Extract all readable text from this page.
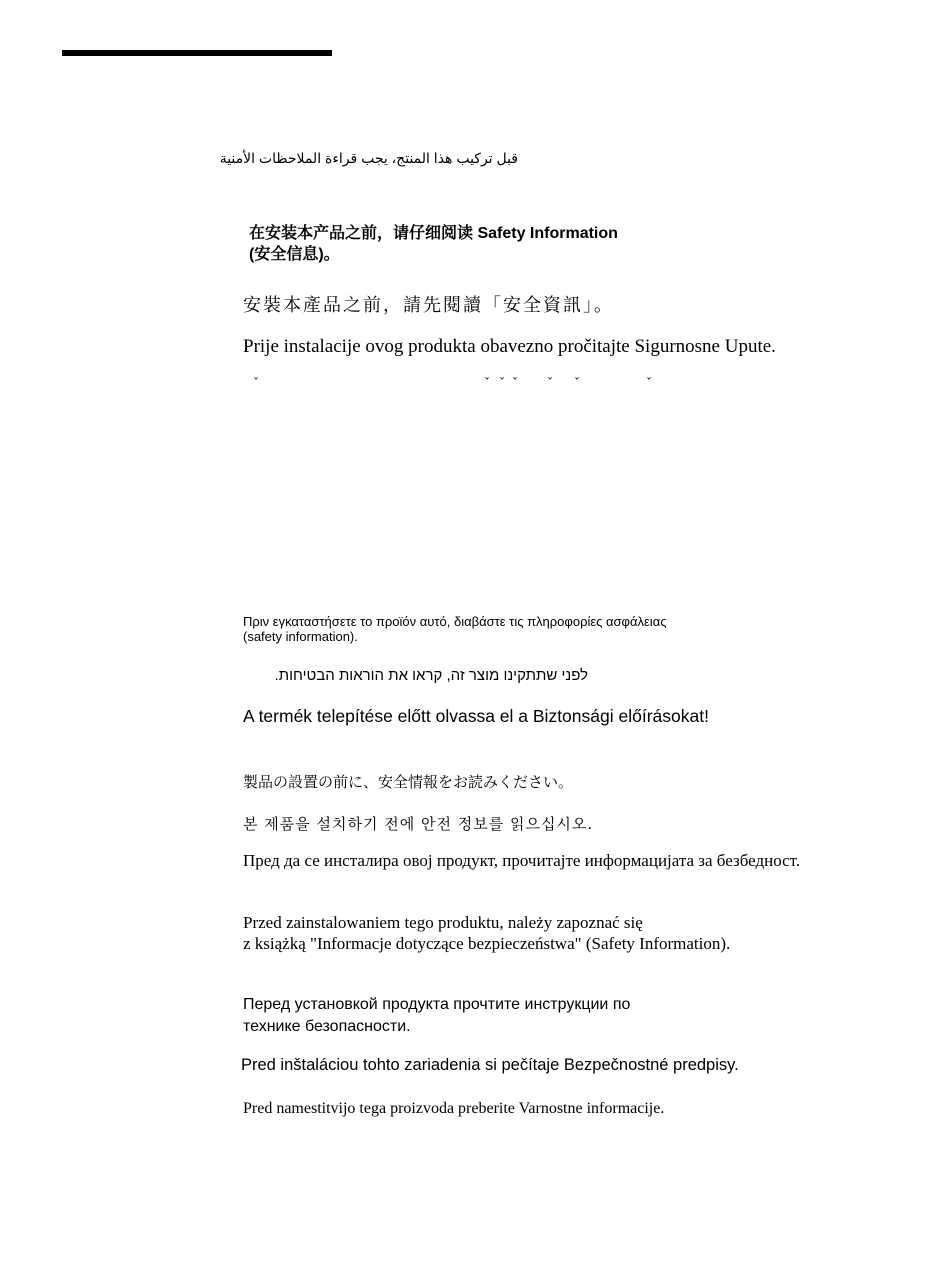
قبل تركيب هذا المنتج، يجب قراءة الملاحظات الأمنية
在安装本产品之前，请仔细阅读 Safety Information
(安全信息)。
安裝本產品之前，請先閱讀「安全資訊」。
Prije instalacije ovog produkta obavezno pročitajte Sigurnosne Upute.
ˇ	ˇ ˇ ˇ ˇ ˇ	ˇ
Πριν εγκαταστήσετε το προϊόν αυτό, διαβάστε τις πληροφορίες ασφάλειας
(safety information).
לפני שתתקינו מוצר זה, קראו את הוראות הבטיחות.
A termék telepítése előtt olvassa el a Biztonsági előírásokat!
製品の設置の前に、安全情報をお読みください。
본 제품을 설치하기 전에 안전 정보를 읽으십시오.
Пред да се инсталира овој продукт, прочитајте информацијата за безбедност.
Przed zainstalowaniem tego produktu, należy zapoznać się
z książką "Informacje dotyczące bezpieczeństwa" (Safety Information).
Перед установкой продукта прочтите инструкции по
технике безопасности.
Pred inštaláciou tohto zariadenia si pečítaje Bezpečnostné predpisy.
Pred namestitvijo tega proizvoda preberite Varnostne informacije.
